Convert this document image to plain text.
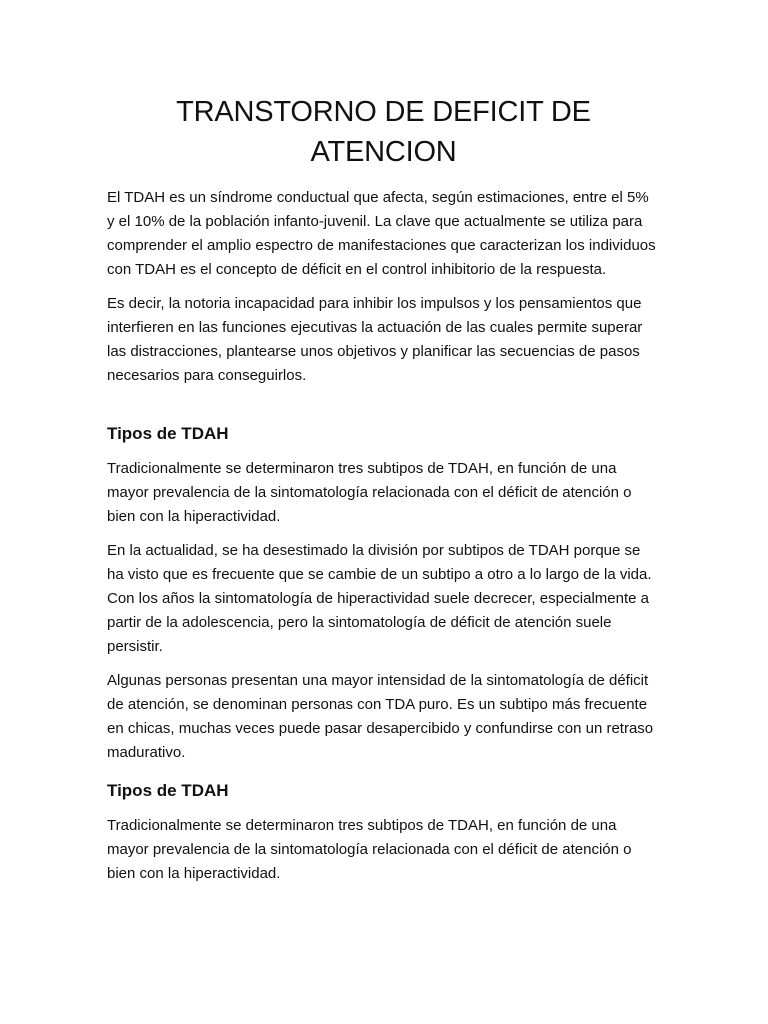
TRANSTORNO DE DEFICIT DE ATENCION

El TDAH es un síndrome conductual que afecta, según estimaciones, entre el 5% y el 10% de la población infanto-juvenil. La clave que actualmente se utiliza para comprender el amplio espectro de manifestaciones que caracterizan los individuos con TDAH es el concepto de déficit en el control inhibitorio de la respuesta.

Es decir, la notoria incapacidad para inhibir los impulsos y los pensamientos que interfieren en las funciones ejecutivas la actuación de las cuales permite superar las distracciones, plantearse unos objetivos y planificar las secuencias de pasos necesarios para conseguirlos.

Tipos de TDAH

Tradicionalmente se determinaron tres subtipos de TDAH, en función de una mayor prevalencia de la sintomatología relacionada con el déficit de atención o bien con la hiperactividad.

En la actualidad, se ha desestimado la división por subtipos de TDAH porque se ha visto que es frecuente que se cambie de un subtipo a otro a lo largo de la vida. Con los años la sintomatología de hiperactividad suele decrecer, especialmente a partir de la adolescencia, pero la sintomatología de déficit de atención suele persistir.

Algunas personas presentan una mayor intensidad de la sintomatología de déficit de atención, se denominan personas con TDA puro. Es un subtipo más frecuente en chicas, muchas veces puede pasar desapercibido y confundirse con un retraso madurativo.

Tipos de TDAH

Tradicionalmente se determinaron tres subtipos de TDAH, en función de una mayor prevalencia de la sintomatología relacionada con el déficit de atención o bien con la hiperactividad.
